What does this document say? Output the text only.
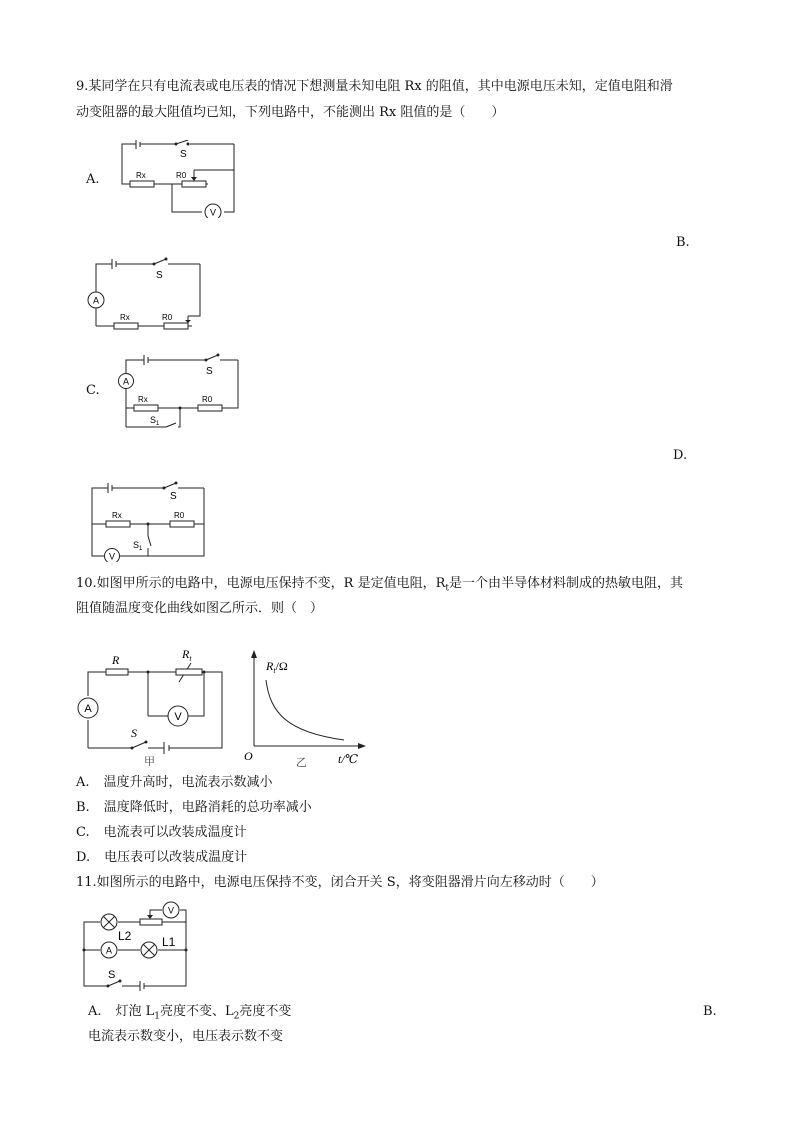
9.某同学在只有电流表或电压表的情况下想测量未知电阻 Rx 的阻值，其中电源电压未知，定值电阻和滑
动变阻器的最大阻值均已知，下列电路中，不能测出 Rx 阻值的是（　　）
A.
V
S
Rx	R0
B.
A
S
Rx	R0
C.
A
S
Rx	R0
$S_1$
D.
V
S
Rx	R0
$S_1$
10.如图甲所示的电路中，电源电压保持不变，R 是定值电阻，$R_t$是一个由半导体材料制成的热敏电阻，其
阻值随温度变化曲线如图乙所示．则（　）
A
V
R	$R_t$
S
甲
$R_t/\Omega$
O	乙	t/℃
A. 温度升高时，电流表示数减小
B. 温度降低时，电路消耗的总功率减小
C. 电流表可以改装成温度计
D. 电压表可以改装成温度计
11.如图所示的电路中，电源电压保持不变，闭合开关 S，将变阻器滑片向左移动时（　　）
V
A
L2	L1
S
A. 灯泡 $L_1$亮度不变、$L_2$亮度不变	B.
电流表示数变小，电压表示数不变
